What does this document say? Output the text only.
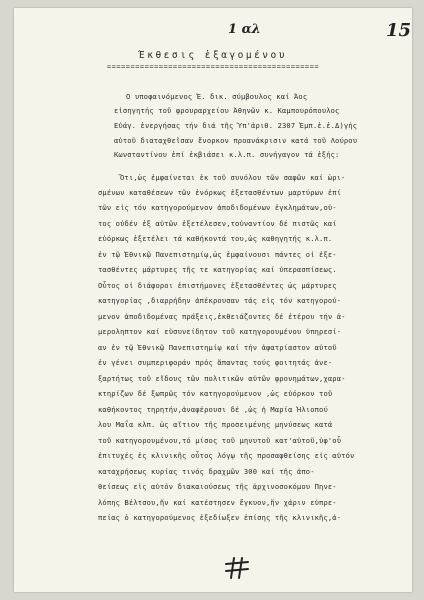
1 αλ	15
Έκθεσις ἐξαγομένου
=============================================
Ο υποφαινόμενος Έ. δικ. σύμβουλος καί Άος
εἰσηγητής τοῦ φρουραρχείου Ἀθηνῶν κ. Καμπουρόπουλος
Εὐάγ. ἐνεργήσας τήν διά τῆς Ὑπ'ἀριθ. 2307 Ἐμπ.ἐ.ἐ.Δ)γής
αὐτοῦ διαταχθεῖσαν ἔνορκον προανάκρισιν κατά τοῦ Λούρου
Κωνσταντίνου ἐπί ἐκβιάσει κ.λ.π. συνήγαγον τά ἑξής:
Ὅτι,ὡς ἐμφαίνεται ἐκ τοῦ συνόλου τῶν σαφῶν καί ὡρι-
σμένων καταθέσεων τῶν ἐνόρκως ἐξετασθέντων μαρτύρων ἐπί
τῶν εἰς τόν κατηγορούμενον ἀποδιδομένων ἐγκλημάτων,οὐ-
τος οὐδέν ἐξ αὐτῶν ἐξετέλεσεν,τοὐναντίον δέ πιστῶς καί
εὐόρκως ἐξετέλει τά καθήκοντά του,ὡς καθηγητής κ.λ.π.
ἐν τῷ Ἐθνικῷ Πανεπιστημίῳ,ὡς ἐμφαίνουσι πάντες οἱ ἐξε-
τασθέντες μάρτυρες τῆς τε κατηγορίας καί ὑπερασπίσεως.
Οὗτος οἱ διάφοροι ἐπιστήμονες ἐξετασθέντες ὡς μάρτυρες
κατηγορίας ,διαρρήδην ἀπέκρουσαν τάς εἰς τόν κατηγορού-
μενον ἀποδιδομένας πράξεις,ἐκθειάζοντες δέ ἐτέρου τήν ἀ-
μεροληπτον καί εὐσυνείδητον τοῦ κατηγορουμένου ὑπηρεσί-
αν ἐν τῷ Ἐθνικῷ Πανεπιστημίῳ καί τήν ἀφατρίαστον αὐτοῦ
ἐν γένει συμπεριφοράν πρός ἅπαντας τούς φοιτητάς ἀνε-
ξαρτήτως τοῦ εἴδους τῶν πολιτικῶν αὐτῶν φρονημάτων,χαρα-
κτηρίζων δέ ξωπρῶς τόν κατηγορούμενον ,ὡς εὐόρκον τοῦ
καθήκοντος τηρητήν,ἀναφέρουσι δέ ,ὡς ἡ Μαρία Ἠλιοπού
λου Μαΐα κλπ. ὡς αἴτιον τῆς προσειμένης μηνύσεως κατά
τοῦ κατηγορουμένου,τό μίσος τοῦ μηνυτοῦ κατ'αὐτοῦ,ὑφ'οὗ
ἐπιτυχές ἐς κλινικῆς οὗτος λόγῳ τῆς προσαφθείσης εἰς αὐτόν
καταχρήσεως κυρίας τινός δραχμῶν 300 καί τῆς ἀπο-
θείσεως εἰς αὐτόν διακαιούσεως τῆς ἀρχινοσοκόμου Πηνε-
λόπης Βέλτσου,ἥν καί κατέστησεν ἔγκυον,ἥν χάριν εὐπρε-
πείας ὁ κατηγορούμενος ἐξεδίωξεν ἐπίσης τῆς κλινικῆς,ἀ-
